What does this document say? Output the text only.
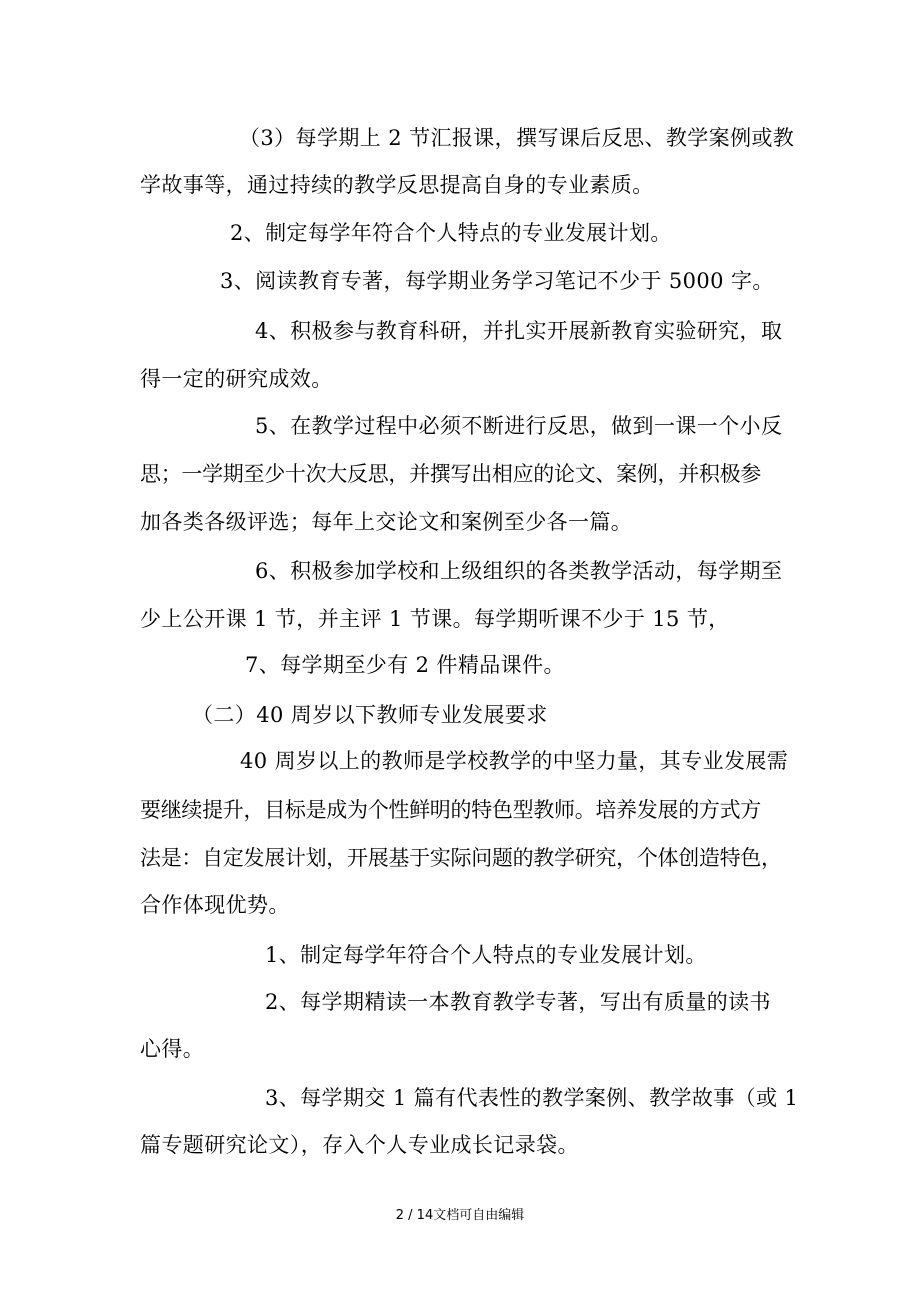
（3）每学期上 2 节汇报课，撰写课后反思、教学案例或教
学故事等，通过持续的教学反思提高自身的专业素质。
2、制定每学年符合个人特点的专业发展计划。
3、阅读教育专著，每学期业务学习笔记不少于 5000 字。
4、积极参与教育科研，并扎实开展新教育实验研究，取
得一定的研究成效。
5、在教学过程中必须不断进行反思，做到一课一个小反
思；一学期至少十次大反思，并撰写出相应的论文、案例，并积极参
加各类各级评选；每年上交论文和案例至少各一篇。
6、积极参加学校和上级组织的各类教学活动，每学期至
少上公开课 1 节，并主评 1 节课。每学期听课不少于 15 节，
7、每学期至少有 2 件精品课件。
（二）40 周岁以下教师专业发展要求
40 周岁以上的教师是学校教学的中坚力量，其专业发展需
要继续提升，目标是成为个性鲜明的特色型教师。培养发展的方式方
法是：自定发展计划，开展基于实际问题的教学研究，个体创造特色，
合作体现优势。
1、制定每学年符合个人特点的专业发展计划。
2、每学期精读一本教育教学专著，写出有质量的读书
心得。
3、每学期交 1 篇有代表性的教学案例、教学故事（或 1
篇专题研究论文），存入个人专业成长记录袋。
2 / 14文档可自由编辑
